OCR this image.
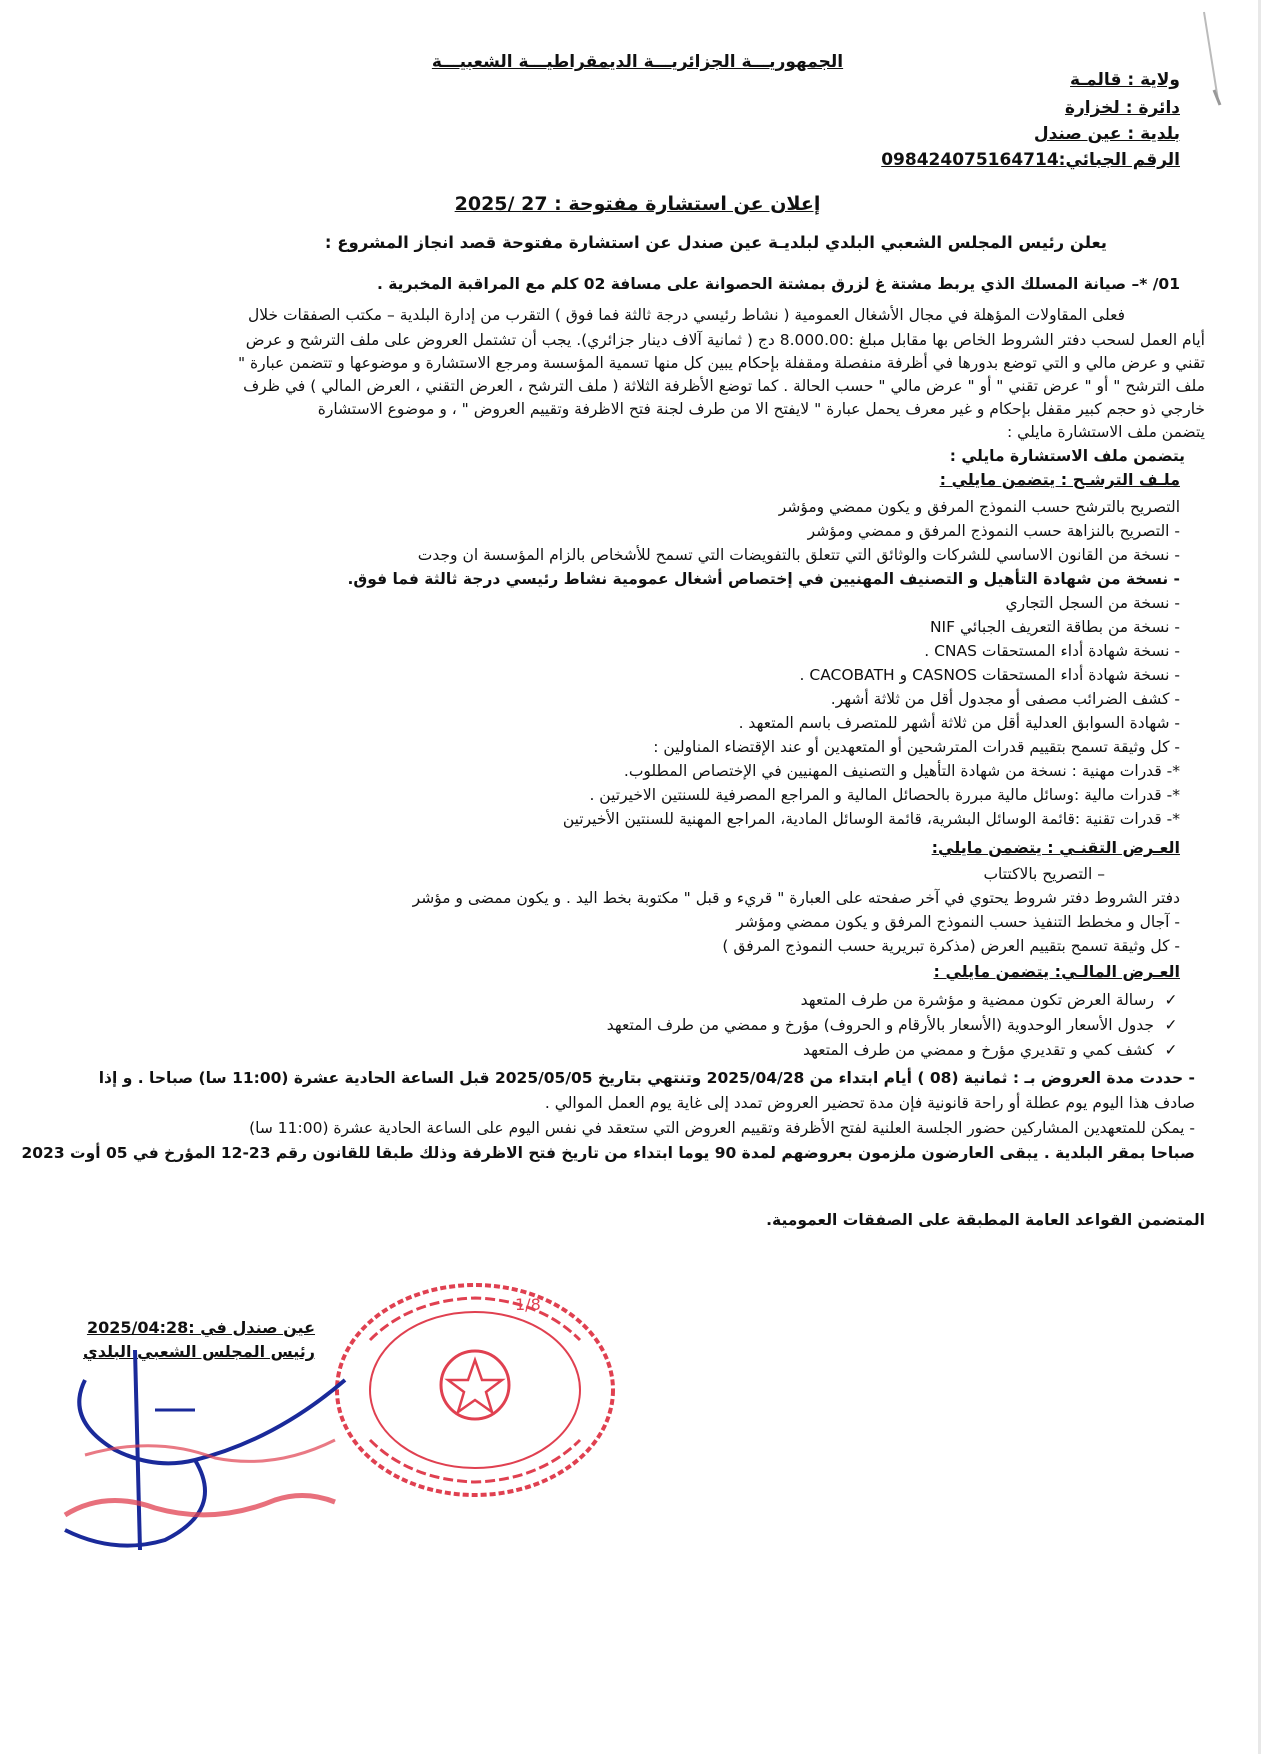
الجمهوريـــة الجزائريـــة الديمقراطيـــة الشعبيـــة
ولاية : قالمـة
دائرة : لخزارة
بلدية : عين صندل
الرقم الجبائي:098424075164714
إعلان عن استشارة مفتوحة : 27 /2025
يعلن رئيس المجلس الشعبي البلدي لبلديـة عين صندل عن استشارة مفتوحة قصد انجاز المشروع :
01/ *– صيانة المسلك الذي يربط مشتة غ لزرق بمشتة الحصوانة على مسافة 02 كلم مع المراقبة المخبرية .
فعلى المقاولات المؤهلة في مجال الأشغال العمومية ( نشاط رئيسي درجة ثالثة فما فوق ) التقرب من إدارة البلدية – مكتب الصفقات خلال
أيام العمل لسحب دفتر الشروط الخاص بها مقابل مبلغ :8.000.00 دج ( ثمانية آلاف دينار جزائري). يجب أن تشتمل العروض على ملف الترشح و عرض
تقني و عرض مالي و التي توضع بدورها في أظرفة منفصلة ومقفلة بإحكام يبين كل منها تسمية المؤسسة ومرجع الاستشارة و موضوعها و تتضمن عبارة "
ملف الترشح " أو " عرض تقني " أو " عرض مالي " حسب الحالة . كما توضع الأظرفة الثلاثة ( ملف الترشح ، العرض التقني ، العرض المالي ) في ظرف
خارجي ذو حجم كبير مقفل بإحكام و غير معرف يحمل عبارة " لايفتح الا من طرف لجنة فتح الاظرفة وتقييم العروض " ، و موضوع الاستشارة
يتضمن ملف الاستشارة مايلي :
يتضمن ملف الاستشارة مايلي :
ملـف الترشـح : يتضمن مايلي :
التصريح بالترشح حسب النموذج المرفق و يكون ممضي ومؤشر
- التصريح بالنزاهة حسب النموذج المرفق و ممضي ومؤشر
- نسخة من القانون الاساسي للشركات والوثائق التي تتعلق بالتفويضات التي تسمح للأشخاص بالزام المؤسسة ان وجدت
- نسخة من شهادة التأهيل و التصنيف المهنيين في إختصاص أشغال عمومية نشاط رئيسي درجة ثالثة فما فوق.
- نسخة من السجل التجاري
- نسخة من بطاقة التعريف الجبائي NIF
- نسخة شهادة أداء المستحقات CNAS .
- نسخة شهادة أداء المستحقات CASNOS و CACOBATH .
- كشف الضرائب مصفى أو مجدول أقل من ثلاثة أشهر.
- شهادة السوابق العدلية أقل من ثلاثة أشهر للمتصرف باسم المتعهد .
- كل وثيقة تسمح بتقييم قدرات المترشحين أو المتعهدين أو عند الإقتضاء المناولين :
*- قدرات مهنية : نسخة من شهادة التأهيل و التصنيف المهنيين في الإختصاص المطلوب.
*- قدرات مالية :وسائل مالية مبررة بالحصائل المالية و المراجع المصرفية للسنتين الاخيرتين .
*- قدرات تقنية :قائمة الوسائل البشرية، قائمة الوسائل المادية، المراجع المهنية للسنتين الأخيرتين
العـرض التقنـي : يتضمن مايلي:
– التصريح بالاكتتاب
دفتر الشروط دفتر شروط يحتوي في آخر صفحته على العبارة " قريء و قبل " مكتوبة بخط اليد . و يكون ممضى و مؤشر
- آجال و مخطط التنفيذ حسب النموذج المرفق و يكون ممضي ومؤشر
- كل وثيقة تسمح بتقييم العرض (مذكرة تبريرية حسب النموذج المرفق )
العـرض المالـي: يتضمن مايلي :
✓رسالة العرض تكون ممضية و مؤشرة من طرف المتعهد
✓جدول الأسعار الوحدوية (الأسعار بالأرقام و الحروف) مؤرخ و ممضي من طرف المتعهد
✓كشف كمي و تقديري مؤرخ و ممضي من طرف المتعهد
- حددت مدة العروض بـ : ثمانية (08 ) أيام ابتداء من 2025/04/28 وتنتهي بتاريخ 2025/05/05 قبل الساعة الحادية عشرة (11:00 سا) صباحا . و إذا
صادف هذا اليوم يوم عطلة أو راحة قانونية فإن مدة تحضير العروض تمدد إلى غاية يوم العمل الموالي .
- يمكن للمتعهدين المشاركين حضور الجلسة العلنية لفتح الأظرفة وتقييم العروض التي ستعقد في نفس اليوم على الساعة الحادية عشرة (11:00 سا)
صباحا بمقر البلدية . يبقى العارضون ملزمون بعروضهم لمدة 90 يوما ابتداء من تاريخ فتح الاظرفة وذلك طبقا للقانون رقم 23-12 المؤرخ في 05 أوت 2023
المتضمن القواعد العامة المطبقة على الصفقات العمومية.
عين صندل في :2025/04:28
رئيس المجلس الشعبي البلدي
1/8
